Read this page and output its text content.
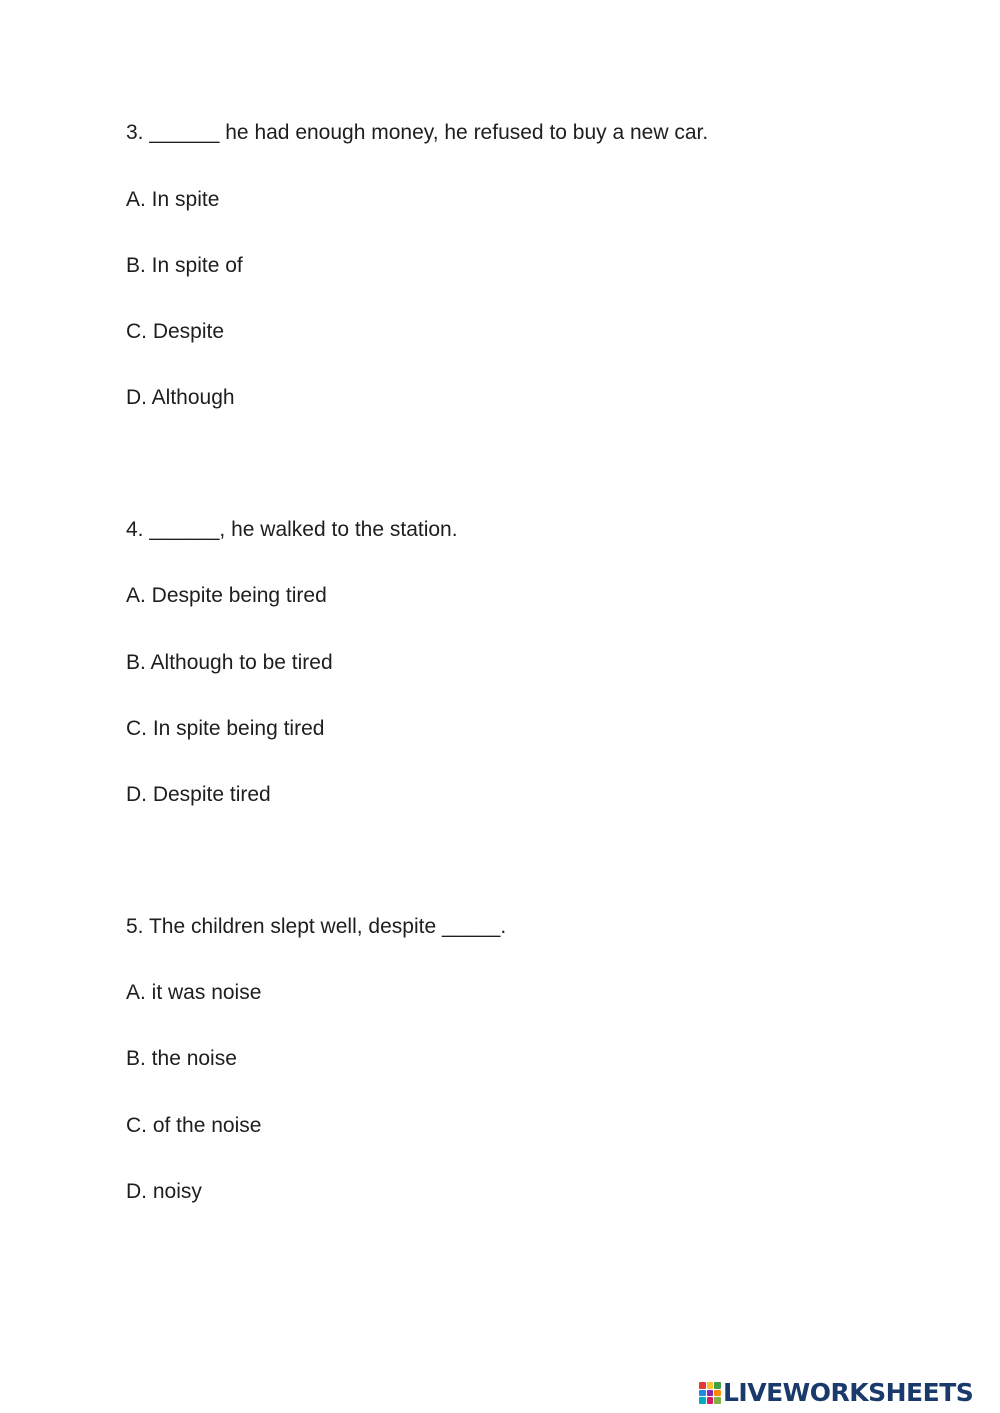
3. ______ he had enough money, he refused to buy a new car.
A. In spite
B. In spite of
C. Despite
D. Although
4. ______, he walked to the station.
A. Despite being tired
B. Although to be tired
C. In spite being tired
D. Despite tired
5. The children slept well, despite _____.
A. it was noise
B. the noise
C. of the noise
D. noisy
LIVEWORKSHEETS
